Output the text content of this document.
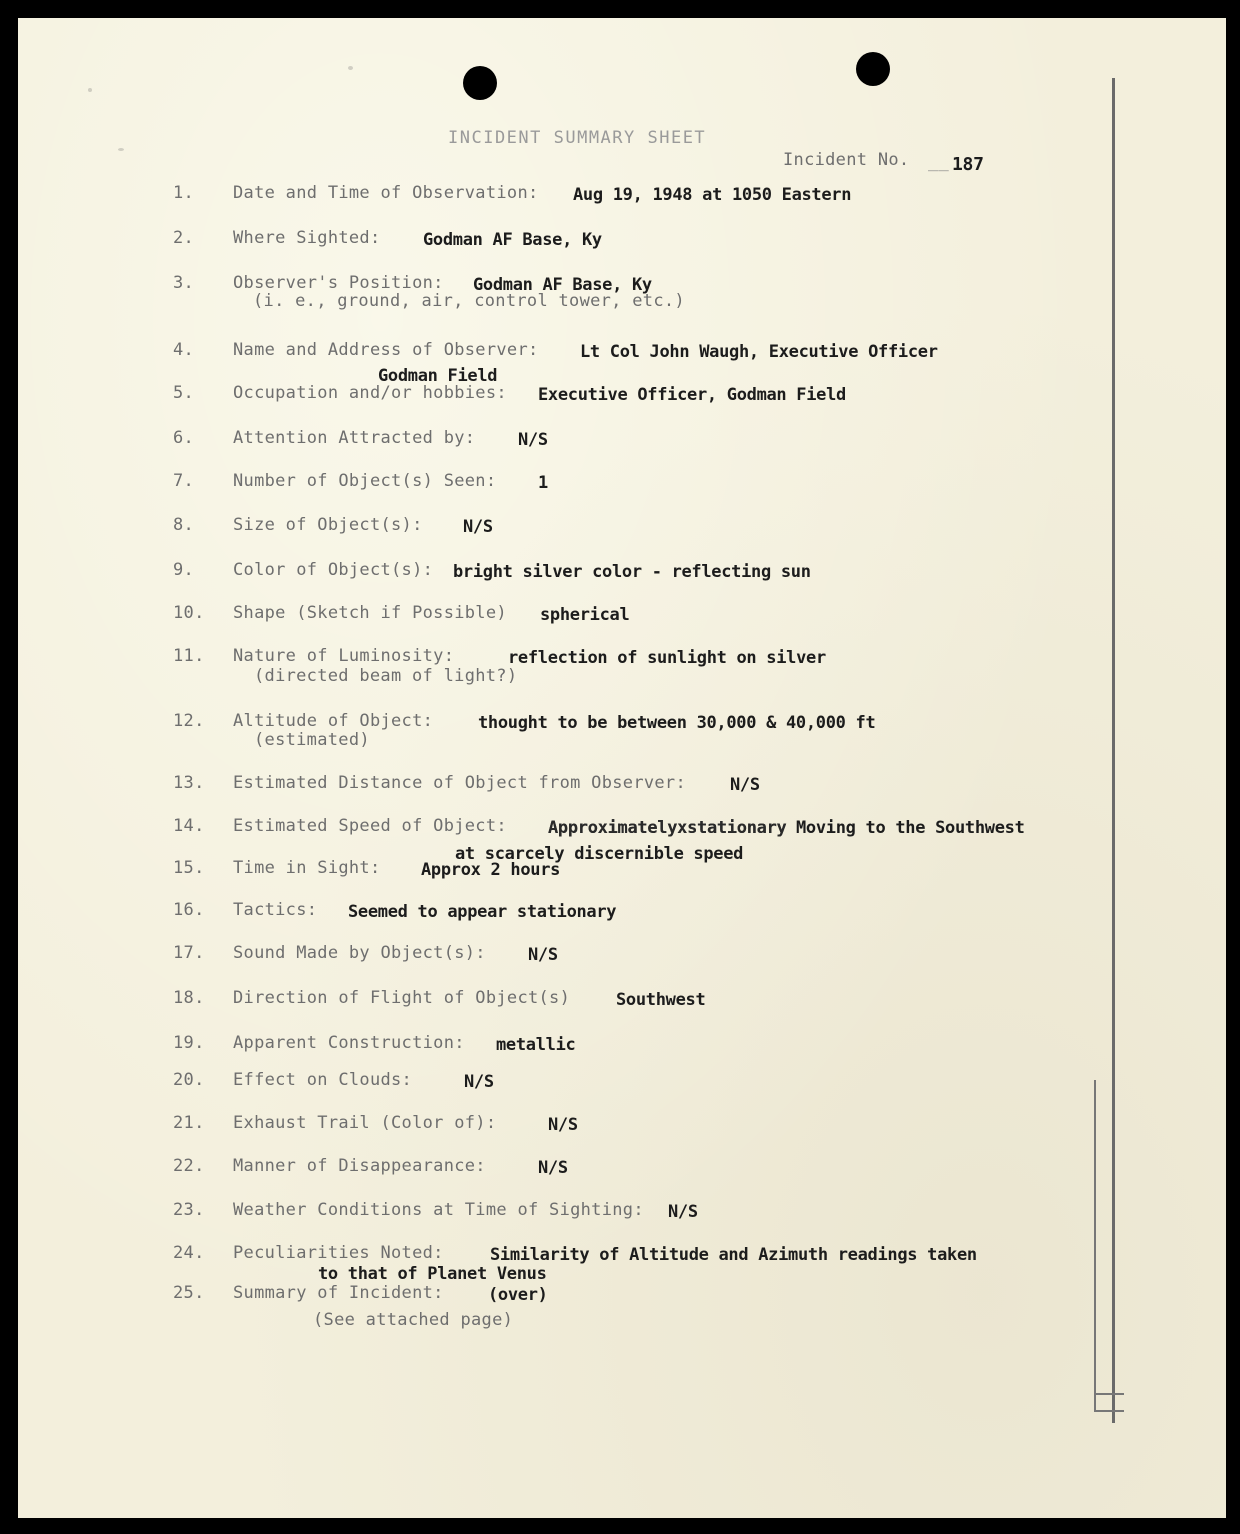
INCIDENT SUMMARY SHEET
Incident No. __ 187
1. Date and Time of Observation: Aug 19, 1948 at 1050 Eastern
2. Where Sighted:	Godman AF Base, Ky
3. Observer's Position:
(i. e., ground, air, control tower, etc.)
Godman AF Base, Ky
4. Name and Address of Observer: Lt Col John Waugh, Executive Officer
Godman Field
5. Occupation and/or hobbies: Executive Officer, Godman Field
6. Attention Attracted by:	N/S
7. Number of Object(s) Seen: 1
8. Size of Object(s): N/S
9. Color of Object(s): bright silver color - reflecting sun
10. Shape (Sketch if Possible) spherical
11. Nature of Luminosity:
(directed beam of light?)
reflection of sunlight on silver
12. Altitude of Object:
(estimated)
thought to be between 30,000 & 40,000 ft
13. Estimated Distance of Object from Observer:	N/S
14. Estimated Speed of Object: Approximatelyxstationary Moving to the Southwest
at scarcely discernible speed
15. Time in Sight: Approx 2 hours
16. Tactics: Seemed to appear stationary
17. Sound Made by Object(s): N/S
18. Direction of Flight of Object(s)	Southwest
19. Apparent Construction: metallic
20. Effect on Clouds:	N/S
21. Exhaust Trail (Color of):	N/S
22. Manner of Disappearance:	N/S
23. Weather Conditions at Time of Sighting: N/S
24. Peculiarities Noted:	Similarity of Altitude and Azimuth readings taken
to that of Planet Venus
25. Summary of Incident:
(See attached page)
(over)
